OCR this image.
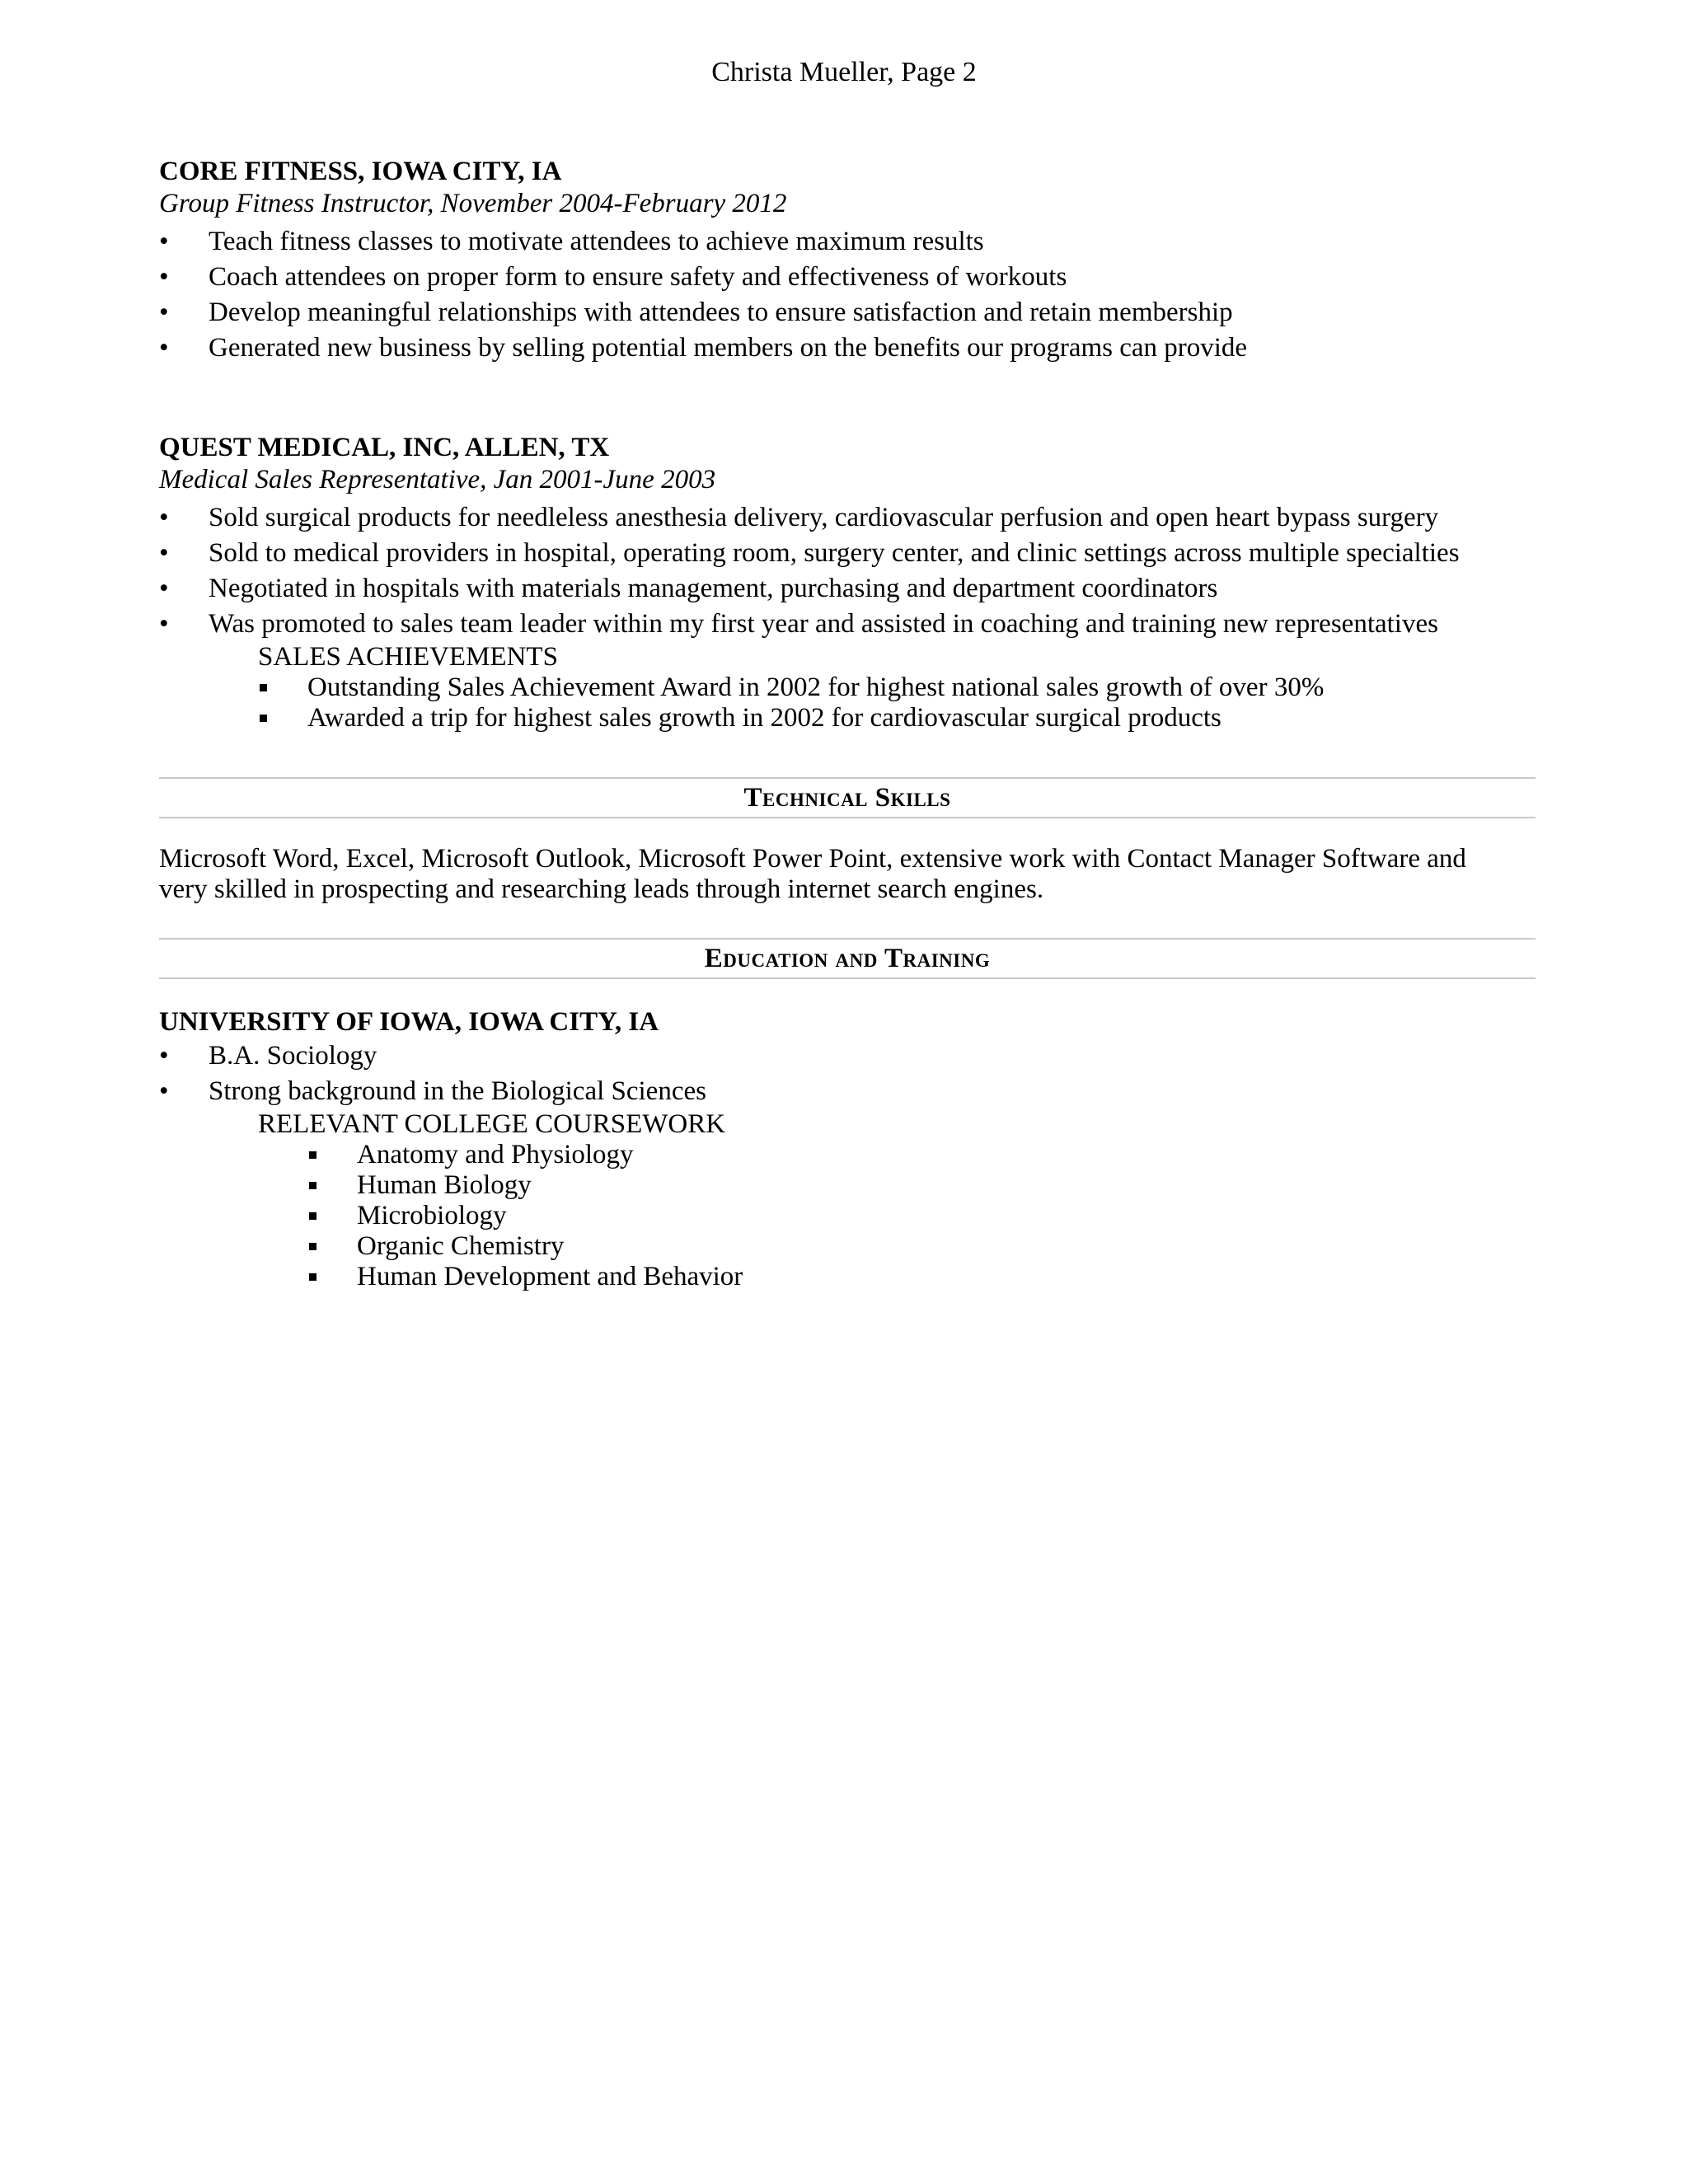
Christa Mueller, Page 2

CORE FITNESS, IOWA CITY, IA

Group Fitness Instructor, November 2004-February 2012

• Teach fitness classes to motivate attendees to achieve maximum results
• Coach attendees on proper form to ensure safety and effectiveness of workouts
• Develop meaningful relationships with attendees to ensure satisfaction and retain membership
• Generated new business by selling potential members on the benefits our programs can provide

QUEST MEDICAL, INC, ALLEN, TX

Medical Sales Representative, Jan 2001-June 2003

• Sold surgical products for needleless anesthesia delivery, cardiovascular perfusion and open heart bypass surgery
• Sold to medical providers in hospital, operating room, surgery center, and clinic settings across multiple specialties
• Negotiated in hospitals with materials management, purchasing and department coordinators
• Was promoted to sales team leader within my first year and assisted in coaching and training new representatives

SALES ACHIEVEMENTS

Outstanding Sales Achievement Award in 2002 for highest national sales growth of over 30%
Awarded a trip for highest sales growth in 2002 for cardiovascular surgical products
Technical Skills

Microsoft Word, Excel, Microsoft Outlook, Microsoft Power Point, extensive work with Contact Manager Software and

very skilled in prospecting and researching leads through internet search engines.

Education and Training

UNIVERSITY OF IOWA, IOWA CITY, IA

• B.A. Sociology
• Strong background in the Biological Sciences

RELEVANT COLLEGE COURSEWORK

Anatomy and Physiology
Human Biology
Microbiology
Organic Chemistry
Human Development and Behavior
